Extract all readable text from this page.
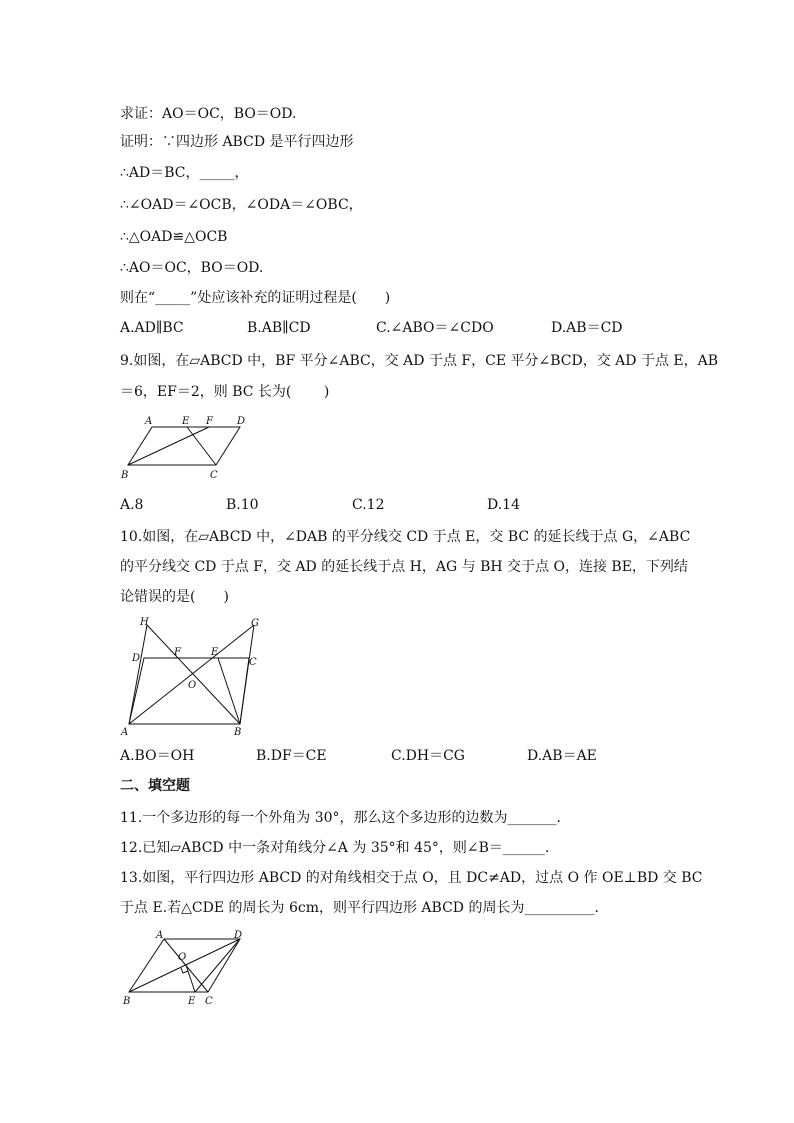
求证：AO＝OC，BO＝OD.
证明：∵四边形 ABCD 是平行四边形
∴AD＝BC，_____，
∴∠OAD＝∠OCB，∠ODA＝∠OBC，
∴△OAD≌△OCB
∴AO＝OC，BO＝OD.
则在“_____”处应该补充的证明过程是(　　)
A.AD∥BC	B.AB∥CD	C.∠ABO＝∠CDO	D.AB＝CD
9.如图，在▱ABCD 中，BF 平分∠ABC，交 AD 于点 F，CE 平分∠BCD，交 AD 于点 E，AB
＝6，EF＝2，则 BC 长为(　　 )
A	E F D
B	C
A.8	B.10	C.12	D.14
10.如图，在▱ABCD 中，∠DAB 的平分线交 CD 于点 E，交 BC 的延长线于点 G，∠ABC
的平分线交 CD 于点 F，交 AD 的延长线于点 H，AG 与 BH 交于点 O，连接 BE，下列结
论错误的是(　　)
H	G
D
F	E
C
O
A	B
A.BO＝OH	B.DF＝CE	C.DH＝CG	D.AB＝AE
二、填空题
11.一个多边形的每一个外角为 30°，那么这个多边形的边数为_______.
12.已知▱ABCD 中一条对角线分∠A 为 35°和 45°，则∠B＝______.
13.如图，平行四边形 ABCD 的对角线相交于点 O，且 DC≠AD，过点 O 作 OE⊥BD 交 BC
于点 E.若△CDE 的周长为 6cm，则平行四边形 ABCD 的周长为__________.
A	D
O
B	E C
